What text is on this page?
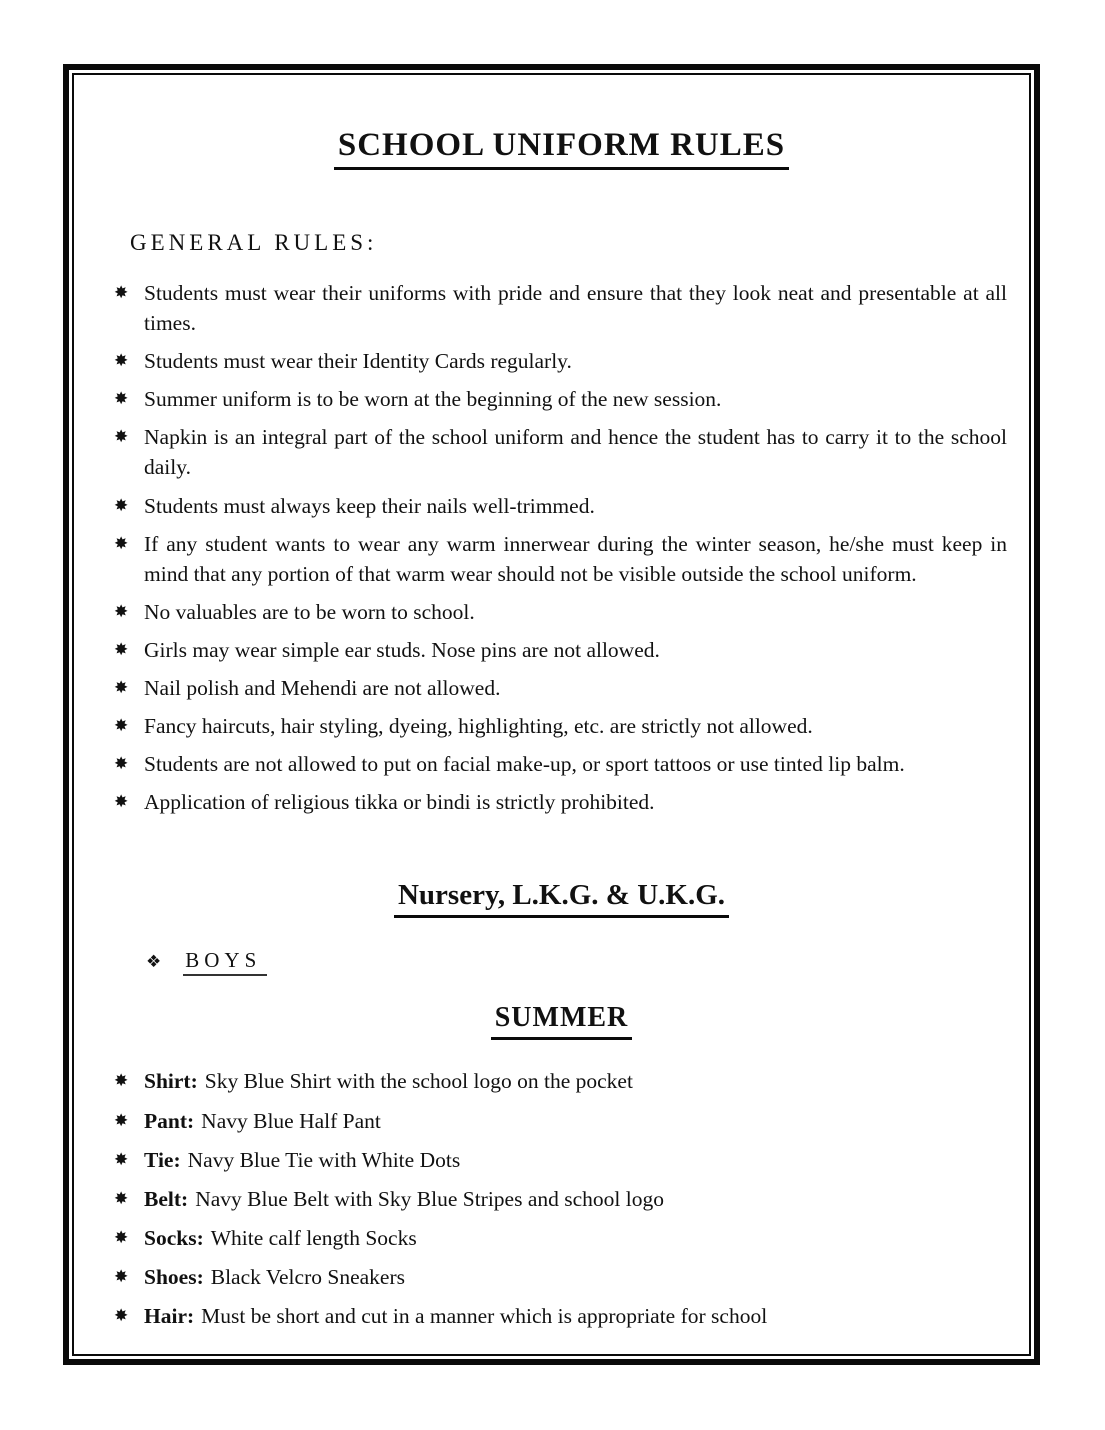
SCHOOL UNIFORM RULES
GENERAL RULES:
✸ Students must wear their uniforms with pride and ensure that they look neat and presentable at all times.
✸ Students must wear their Identity Cards regularly.
✸ Summer uniform is to be worn at the beginning of the new session.
✸ Napkin is an integral part of the school uniform and hence the student has to carry it to the school daily.
✸ Students must always keep their nails well-trimmed.
✸ If any student wants to wear any warm innerwear during the winter season, he/she must keep in mind that any portion of that warm wear should not be visible outside the school uniform.
✸ No valuables are to be worn to school.
✸ Girls may wear simple ear studs. Nose pins are not allowed.
✸ Nail polish and Mehendi are not allowed.
✸ Fancy haircuts, hair styling, dyeing, highlighting, etc. are strictly not allowed.
✸ Students are not allowed to put on facial make-up, or sport tattoos or use tinted lip balm.
✸ Application of religious tikka or bindi is strictly prohibited.
Nursery, L.K.G. & U.K.G.
❖ BOYS
SUMMER
✸ Shirt: Sky Blue Shirt with the school logo on the pocket
✸ Pant: Navy Blue Half Pant
✸ Tie: Navy Blue Tie with White Dots
✸ Belt: Navy Blue Belt with Sky Blue Stripes and school logo
✸ Socks: White calf length Socks
✸ Shoes: Black Velcro Sneakers
✸ Hair: Must be short and cut in a manner which is appropriate for school
